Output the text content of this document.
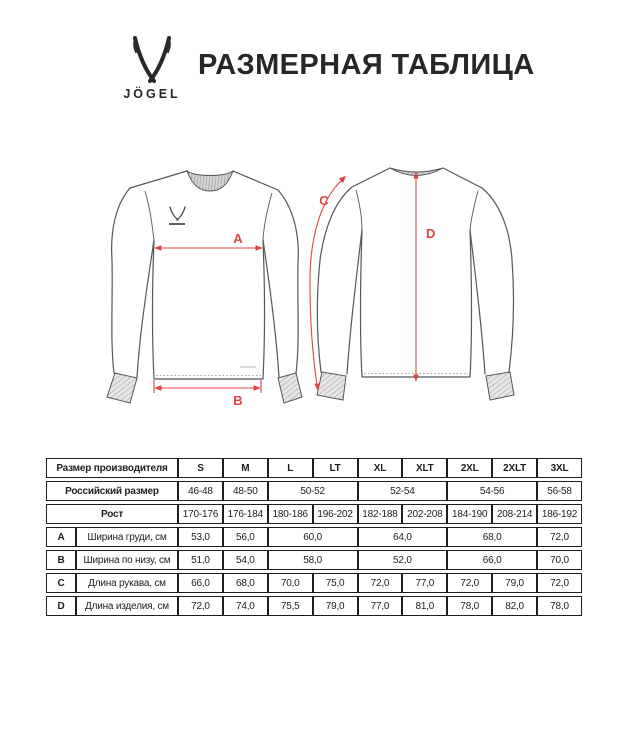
JÖGEL
РАЗМЕРНАЯ ТАБЛИЦА
A
B
C
D
Размер производителя		S	M	L	LT	XL	XLT	2XL	2XLT	3XL
Российский размер		46-48	48-50	50-52		52-54		54-56		56-58
Рост		170-176	176-184	180-186	196-202	182-188	202-208	184-190	208-214	186-192
A	Ширина груди, см	53,0	56,0	60,0		64,0		68,0		72,0
B	Ширина по низу, см	51,0	54,0	58,0		52,0		66,0		70,0
C	Длина рукава, см	66,0	68,0	70,0	75,0	72,0	77,0	72,0	79,0	72,0
D	Длина изделия, см	72,0	74,0	75,5	79,0	77,0	81,0	78,0	82,0	78,0
